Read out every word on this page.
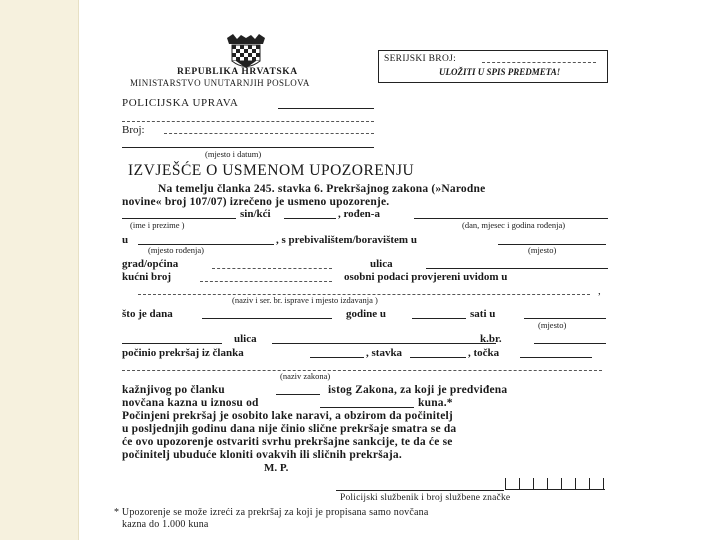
REPUBLIKA HRVATSKA
MINISTARSTVO UNUTARNJIH POSLOVA
SERIJSKI BROJ:
ULOŽITI U SPIS PREDMETA!
POLICIJSKA UPRAVA
Broj:
(mjesto i datum)
IZVJEŠĆE O USMENOM UPOZORENJU
Na temelju članka 245. stavka 6. Prekršajnog zakona (»Narodne
novine« broj 107/07) izrečeno je usmeno upozorenje.
sin/kći	, rođen-a
(ime i prezime )	(dan, mjesec i godina rođenja)
u	, s prebivalištem/boravištem u
(mjesto rođenja)	(mjesto)
grad/općina	ulica
kućni broj	osobni podaci provjereni uvidom u
,
(naziv i ser. br. isprave i mjesto izdavanja )
što je dana	godine u	sati u
(mjesto)
ulica	k.br.
počinio prekršaj iz članka	, stavka	, točka
(naziv zakona)
kažnjivog po članku	istog Zakona, za koji je predviđena
novčana kazna u iznosu od	kuna.*
Počinjeni prekršaj je osobito lake naravi, a obzirom da počinitelj
u posljednjih godinu dana nije činio slične prekršaje smatra se da
će ovo upozorenje ostvariti svrhu prekršajne sankcije, te da će se
počinitelj ubuduće kloniti ovakvih ili sličnih prekršaja.
M. P.
Policijski službenik i broj službene značke
* Upozorenje se može izreći za prekršaj za koji je propisana samo novčana
kazna do 1.000 kuna
